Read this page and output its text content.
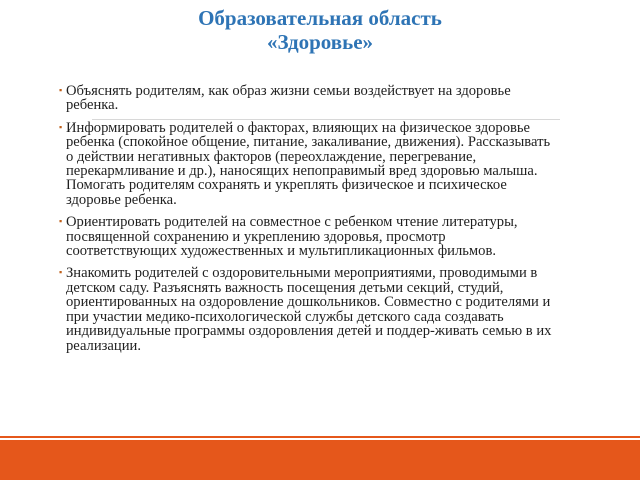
Образовательная область
«Здоровье»
▪ Объяснять родителям, как образ жизни семьи воздействует на здоровье ребенка.
▪ Информировать родителей о факторах, влияющих на физическое здоровье ребенка (спокойное общение, питание, закаливание, движения). Рассказывать о действии негативных факторов (переохлаждение, перегревание, перекармливание и др.), наносящих непоправимый вред здоровью малыша. Помогать родителям сохранять и укреплять физическое и психическое здоровье ребенка.
▪ Ориентировать родителей на совместное с ребенком чтение литературы, посвященной сохранению и укреплению здоровья, просмотр соответствующих художественных и мультипликационных фильмов.
▪ Знакомить родителей с оздоровительными мероприятиями, проводимыми в детском саду. Разъяснять важность посещения детьми секций, студий, ориентированных на оздоровление дошкольников. Совместно с родителями и при участии медико-психологической службы детского сада создавать индивидуальные программы оздоровления детей и поддер-живать семью в их реализации.
